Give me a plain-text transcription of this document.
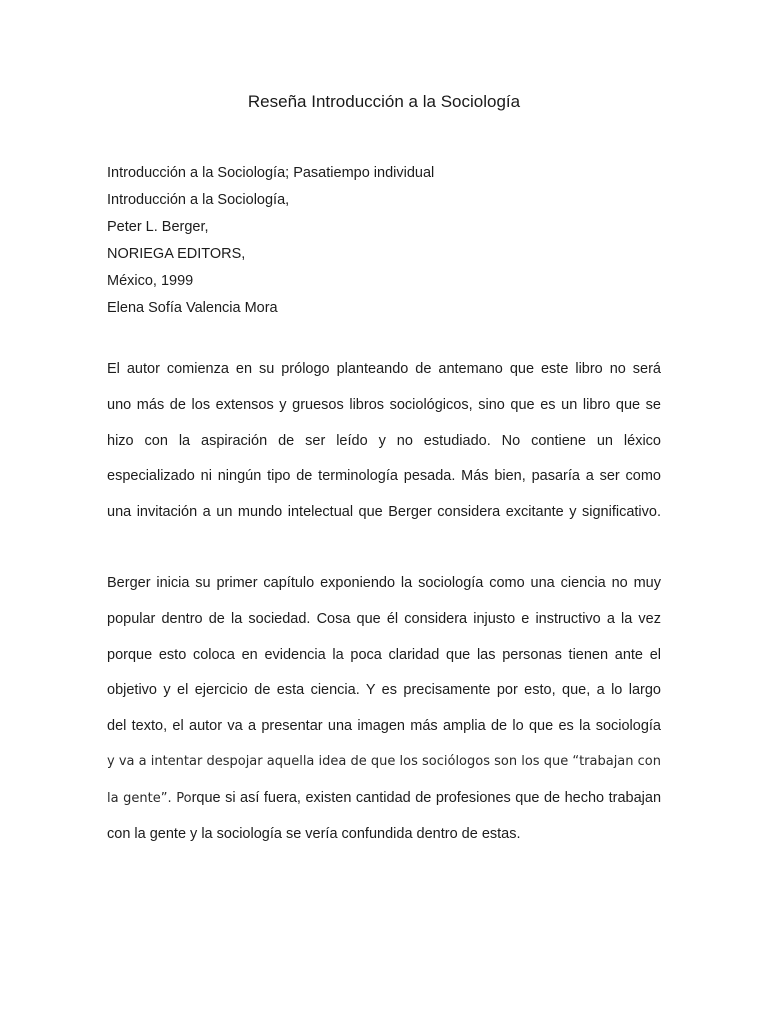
Reseña Introducción a la Sociología
Introducción a la Sociología; Pasatiempo individual
Introducción a la Sociología,
Peter L. Berger,
NORIEGA EDITORS,
México, 1999
Elena Sofía Valencia Mora
El autor comienza en su prólogo planteando de antemano que este libro no será
uno más de los extensos y gruesos libros sociológicos, sino que es un libro que se
hizo con la aspiración de ser leído y no estudiado. No contiene un léxico
especializado ni ningún tipo de terminología pesada. Más bien, pasaría a ser como
una invitación a un mundo intelectual que Berger considera excitante y significativo.
Berger inicia su primer capítulo exponiendo la sociología como una ciencia no muy
popular dentro de la sociedad. Cosa que él considera injusto e instructivo a la vez
porque esto coloca en evidencia la poca claridad que las personas tienen ante el
objetivo y el ejercicio de esta ciencia. Y es precisamente por esto, que, a lo largo
del texto, el autor va a presentar una imagen más amplia de lo que es la sociología
y va a intentar despojar aquella idea de que los sociólogos son los que “trabajan con
la gente”. Porque si así fuera, existen cantidad de profesiones que de hecho trabajan
con la gente y la sociología se vería confundida dentro de estas.
